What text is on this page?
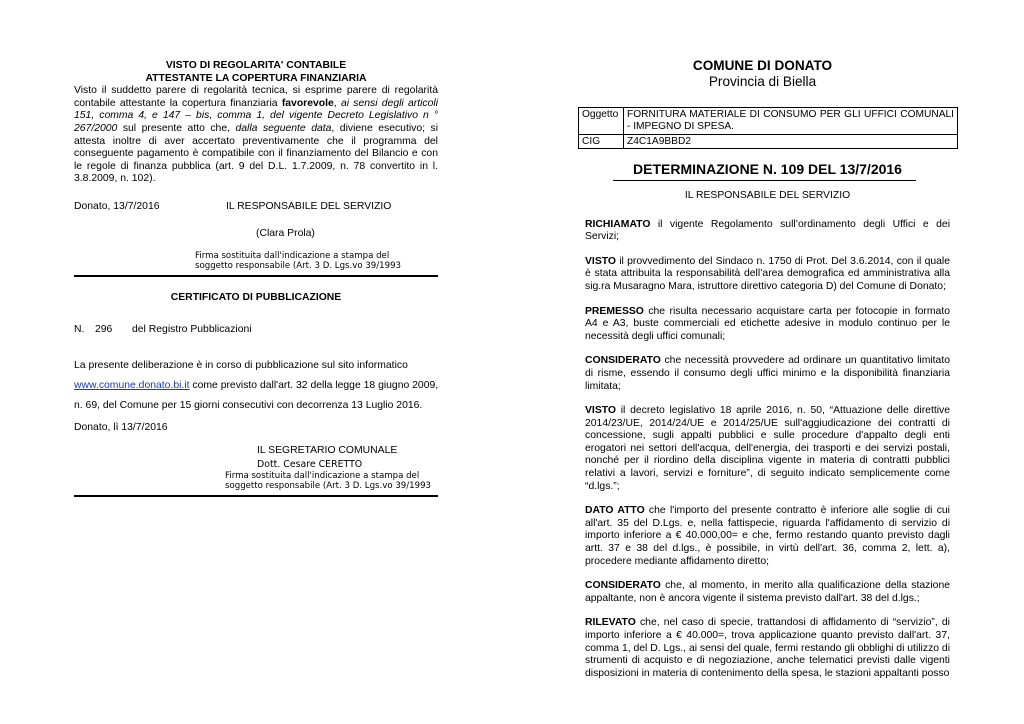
VISTO DI REGOLARITA' CONTABILE
ATTESTANTE LA COPERTURA FINANZIARIA
Visto il suddetto parere di regolarità tecnica, si esprime parere di regolarità contabile attestante la copertura finanziaria favorevole, ai sensi degli articoli 151, comma 4, e 147 – bis, comma 1, del vigente Decreto Legislativo n ° 267/2000 sul presente atto che, dalla seguente data, diviene esecutivo; si attesta inoltre di aver accertato preventivamente che il programma del conseguente pagamento è compatibile con il finanziamento del Bilancio e con le regole di finanza pubblica (art. 9 del D.L. 1.7.2009, n. 78 convertito in l. 3.8.2009, n. 102).
Donato, 13/7/2016	IL RESPONSABILE DEL SERVIZIO
(Clara Prola)
Firma sostituita dall'indicazione a stampa del
soggetto responsabile (Art. 3 D. Lgs.vo 39/1993
CERTIFICATO DI PUBBLICAZIONE
N. 296 del Registro Pubblicazioni
La presente deliberazione è in corso di pubblicazione sul sito informatico
www.comune.donato.bi.it come previsto dall'art. 32 della legge 18 giugno 2009,
n. 69, del Comune per 15 giorni consecutivi con decorrenza 13 Luglio 2016.
Donato, lì 13/7/2016
IL SEGRETARIO COMUNALE
Dott. Cesare CERETTO
Firma sostituita dall'indicazione a stampa del
soggetto responsabile (Art. 3 D. Lgs.vo 39/1993
COMUNE DI DONATO
Provincia di Biella
Oggetto	FORNITURA MATERIALE DI CONSUMO PER GLI UFFICI COMUNALI - IMPEGNO DI SPESA.
CIG	Z4C1A9BBD2
DETERMINAZIONE N. 109 DEL 13/7/2016
IL RESPONSABILE DEL SERVIZIO
RICHIAMATO il vigente Regolamento sull’ordinamento degli Uffici e dei Servizi;
VISTO il provvedimento del Sindaco n. 1750 di Prot. Del 3.6.2014, con il quale è stata attribuita la responsabilità dell’area demografica ed amministrativa alla sig.ra Musaragno Mara, istruttore direttivo categoria D) del Comune di Donato;
PREMESSO che risulta necessario acquistare carta per fotocopie in formato A4 e A3, buste commerciali ed etichette adesive in modulo continuo per le necessità degli uffici comunali;
CONSIDERATO che necessità provvedere ad ordinare un quantitativo limitato di risme, essendo il consumo degli uffici minimo e la disponibilità finanziaria limitata;
VISTO il decreto legislativo 18 aprile 2016, n. 50, “Attuazione delle direttive 2014/23/UE, 2014/24/UE e 2014/25/UE sull'aggiudicazione dei contratti di concessione, sugli appalti pubblici e sulle procedure d'appalto degli enti erogatori nei settori dell'acqua, dell'energia, dei trasporti e dei servizi postali, nonché per il riordino della disciplina vigente in materia di contratti pubblici relativi a lavori, servizi e forniture”, di seguito indicato semplicemente come “d.lgs.”;
DATO ATTO che l'importo del presente contratto è inferiore alle soglie di cui all'art. 35 del D.Lgs. e, nella fattispecie, riguarda l'affidamento di servizio di importo inferiore a € 40.000,00= e che, fermo restando quanto previsto dagli artt. 37 e 38 del d.lgs., è possibile, in virtù dell'art. 36, comma 2, lett. a), procedere mediante affidamento diretto;
CONSIDERATO che, al momento, in merito alla qualificazione della stazione appaltante, non è ancora vigente il sistema previsto dall'art. 38 del d.lgs.;
RILEVATO che, nel caso di specie, trattandosi di affidamento di “servizio”, di importo inferiore a € 40.000=, trova applicazione quanto previsto dall'art. 37, comma 1, del D. Lgs., ai sensi del quale, fermi restando gli obblighi di utilizzo di strumenti di acquisto e di negoziazione, anche telematici previsti dalle vigenti disposizioni in materia di contenimento della spesa, le stazioni appaltanti posso
